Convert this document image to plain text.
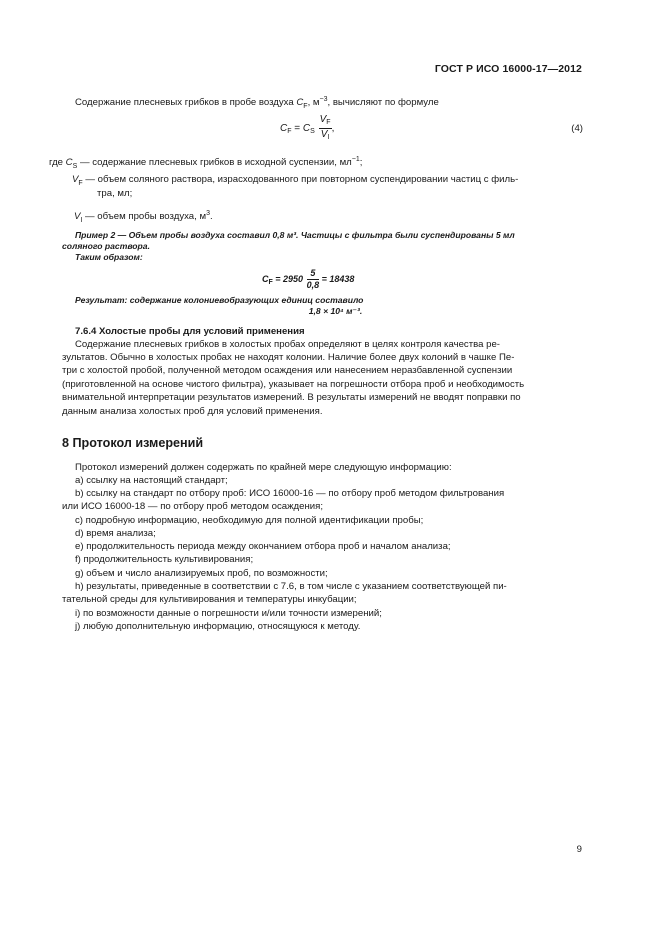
ГОСТ Р ИСО 16000-17—2012
Содержание плесневых грибков в пробе воздуха $C_F$, $м^{-3}$, вычисляют по формуле
$C_F = C_S \frac{V_F}{V_I}$ ,	(4)
где $C_S$ — содержание плесневых грибков в исходной суспензии, $мл^{-1}$;
$V_F$ — объем соляного раствора, израсходованного при повторном суспендировании частиц с филь-
тра, мл;
$V_I$ — объем пробы воздуха, $м^3$.
Пример 2 — Объем пробы воздуха составил 0,8 м³. Частицы с фильтра были суспендированы 5 мл
соляного раствора.
Таким образом:
$C_F = 2950 \frac{5}{0,8} = 18438$
Результат: содержание колониевобразующих единиц составило
1,8 × 10⁴ м⁻³.
7.6.4 Холостые пробы для условий применения
Содержание плесневых грибков в холостых пробах определяют в целях контроля качества ре-
зультатов. Обычно в холостых пробах не находят колонии. Наличие более двух колоний в чашке Пе-
три с холостой пробой, полученной методом осаждения или нанесением неразбавленной суспензии
(приготовленной на основе чистого фильтра), указывает на погрешности отбора проб и необходимость
внимательной интерпретации результатов измерений. В результаты измерений не вводят поправки по
данным анализа холостых проб для условий применения.
8 Протокол измерений
Протокол измерений должен содержать по крайней мере следующую информацию:
a) ссылку на настоящий стандарт;
b) ссылку на стандарт по отбору проб: ИСО 16000-16 — по отбору проб методом фильтрования
или ИСО 16000-18 — по отбору проб методом осаждения;
c) подробную информацию, необходимую для полной идентификации пробы;
d) время анализа;
e) продолжительность периода между окончанием отбора проб и началом анализа;
f) продолжительность культивирования;
g) объем и число анализируемых проб, по возможности;
h) результаты, приведенные в соответствии с 7.6, в том числе с указанием соответствующей пи-
тательной среды для культивирования и температуры инкубации;
i) по возможности данные о погрешности и/или точности измерений;
j) любую дополнительную информацию, относящуюся к методу.
9
